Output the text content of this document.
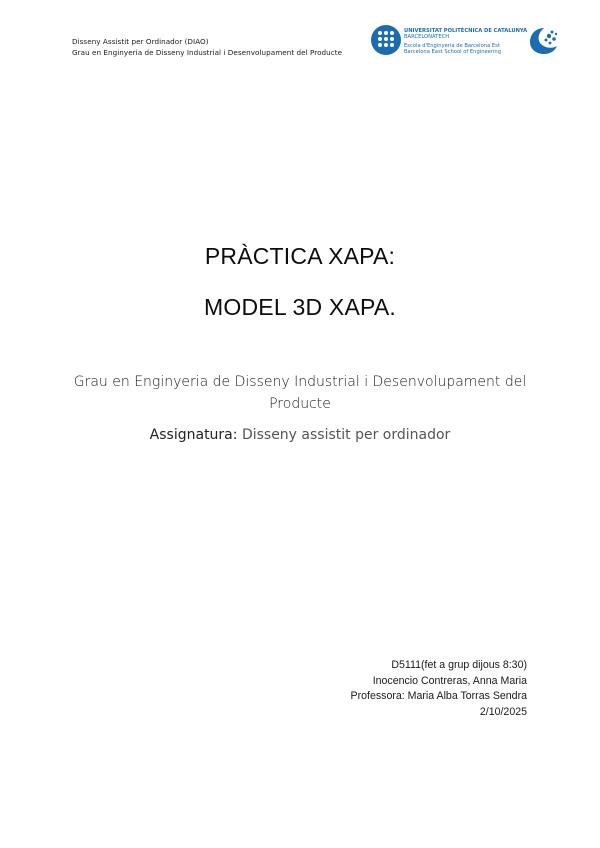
Disseny Assistit per Ordinador (DIAO)
Grau en Enginyeria de Disseny Industrial i Desenvolupament del Producte
UNIVERSITAT POLITÈCNICA DE CATALUNYA
BARCELONATECH
Escola d'Enginyeria de Barcelona Est
Barcelona East School of Engineering
PRÀCTICA XAPA:
MODEL 3D XAPA.
Grau en Enginyeria de Disseny Industrial i Desenvolupament del Producte
Assignatura: Disseny assistit per ordinador
D5111(fet a grup dijous 8:30)
Inocencio Contreras, Anna Maria
Professora: Maria Alba Torras Sendra
2/10/2025
